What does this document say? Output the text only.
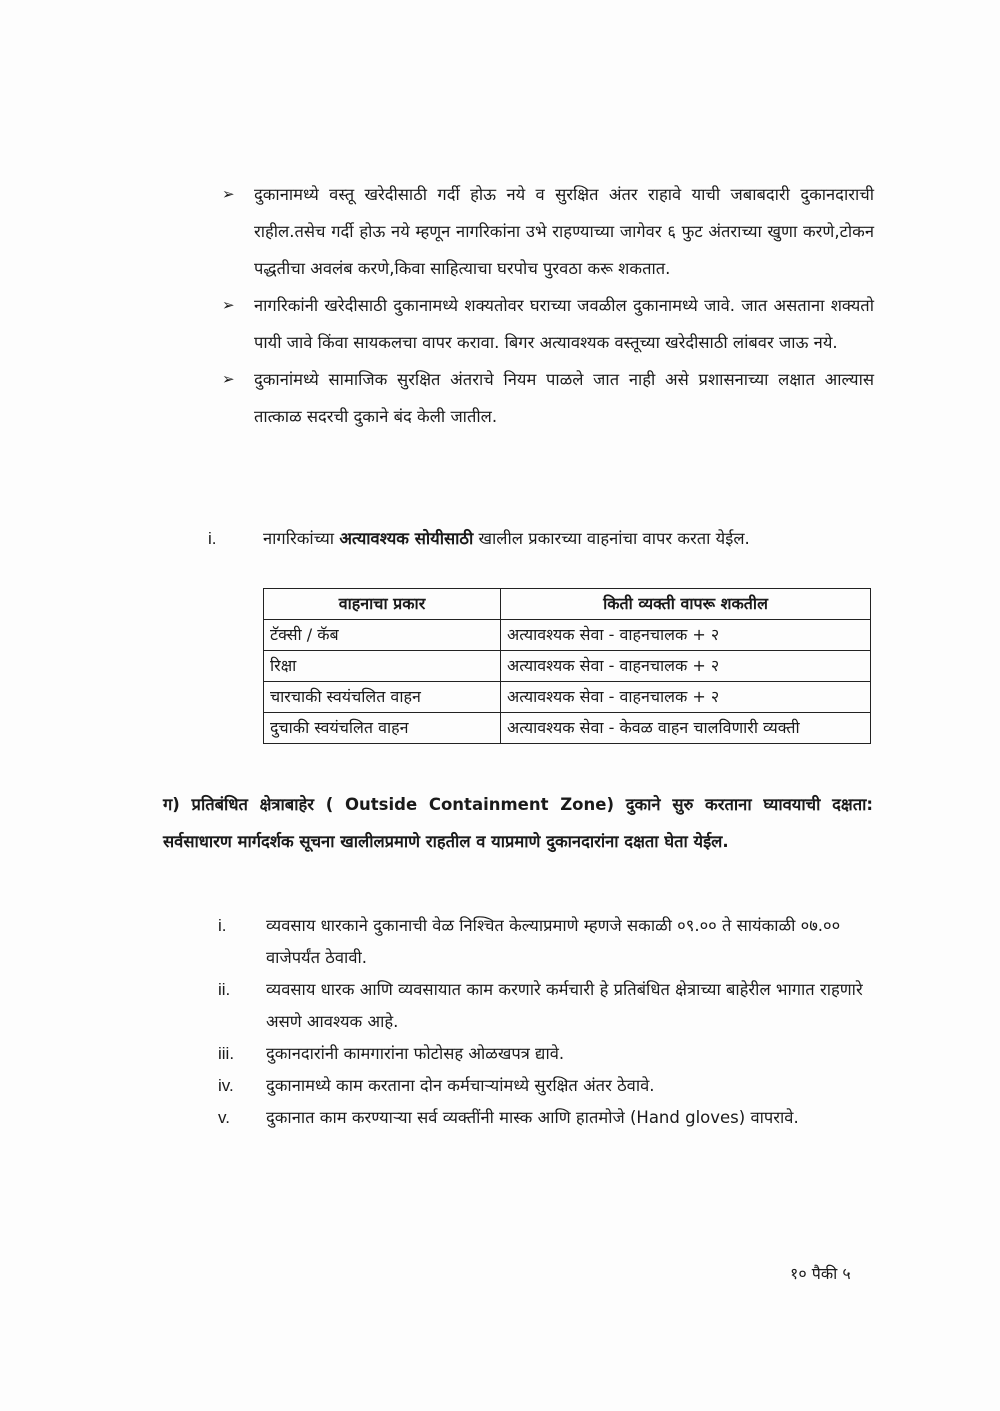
➢	दुकानामध्ये वस्तू खरेदीसाठी गर्दी होऊ नये व सुरक्षित अंतर राहावे याची जबाबदारी दुकानदाराची राहील.तसेच गर्दी होऊ नये म्हणून नागरिकांना उभे राहण्याच्या जागेवर ६ फुट अंतराच्या खुणा करणे,टोकन पद्धतीचा अवलंब करणे,किवा साहित्याचा घरपोच पुरवठा करू शकतात.
➢	नागरिकांनी खरेदीसाठी दुकानामध्ये शक्यतोवर घराच्या जवळील दुकानामध्ये जावे. जात असताना शक्यतो पायी जावे किंवा सायकलचा वापर करावा. बिगर अत्यावश्यक वस्तूच्या खरेदीसाठी लांबवर जाऊ नये.
➢	दुकानांमध्ये सामाजिक सुरक्षित अंतराचे नियम पाळले जात नाही असे प्रशासनाच्या लक्षात आल्यास तात्काळ सदरची दुकाने बंद केली जातील.
i.	नागरिकांच्या अत्यावश्यक सोयीसाठी खालील प्रकारच्या वाहनांचा वापर करता येईल.
वाहनाचा प्रकार	किती व्यक्ती वापरू शकतील
टॅक्सी / कॅब	अत्यावश्यक सेवा - वाहनचालक + २
रिक्षा	अत्यावश्यक सेवा - वाहनचालक + २
चारचाकी स्वयंचलित वाहन	अत्यावश्यक सेवा - वाहनचालक + २
दुचाकी स्वयंचलित वाहन	अत्यावश्यक सेवा - केवळ वाहन चालविणारी व्यक्ती
ग) प्रतिबंधित क्षेत्राबाहेर ( Outside Containment Zone) दुकाने सुरु करताना घ्यावयाची दक्षता: सर्वसाधारण मार्गदर्शक सूचना खालीलप्रमाणे राहतील व याप्रमाणे दुकानदारांना दक्षता घेता येईल.
i.	व्यवसाय धारकाने दुकानाची वेळ निश्चित केल्याप्रमाणे म्हणजे सकाळी ०९.०० ते सायंकाळी ०७.०० वाजेपर्यंत ठेवावी.
ii.	व्यवसाय धारक आणि व्यवसायात काम करणारे कर्मचारी हे प्रतिबंधित क्षेत्राच्या बाहेरील भागात राहणारे असणे आवश्यक आहे.
iii.	दुकानदारांनी कामगारांना फोटोसह ओळखपत्र द्यावे.
iv.	दुकानामध्ये काम करताना दोन कर्मचाऱ्यांमध्ये सुरक्षित अंतर ठेवावे.
v.	दुकानात काम करण्याऱ्या सर्व व्यक्तींनी मास्क आणि हातमोजे (Hand gloves) वापरावे.
१० पैकी ५
